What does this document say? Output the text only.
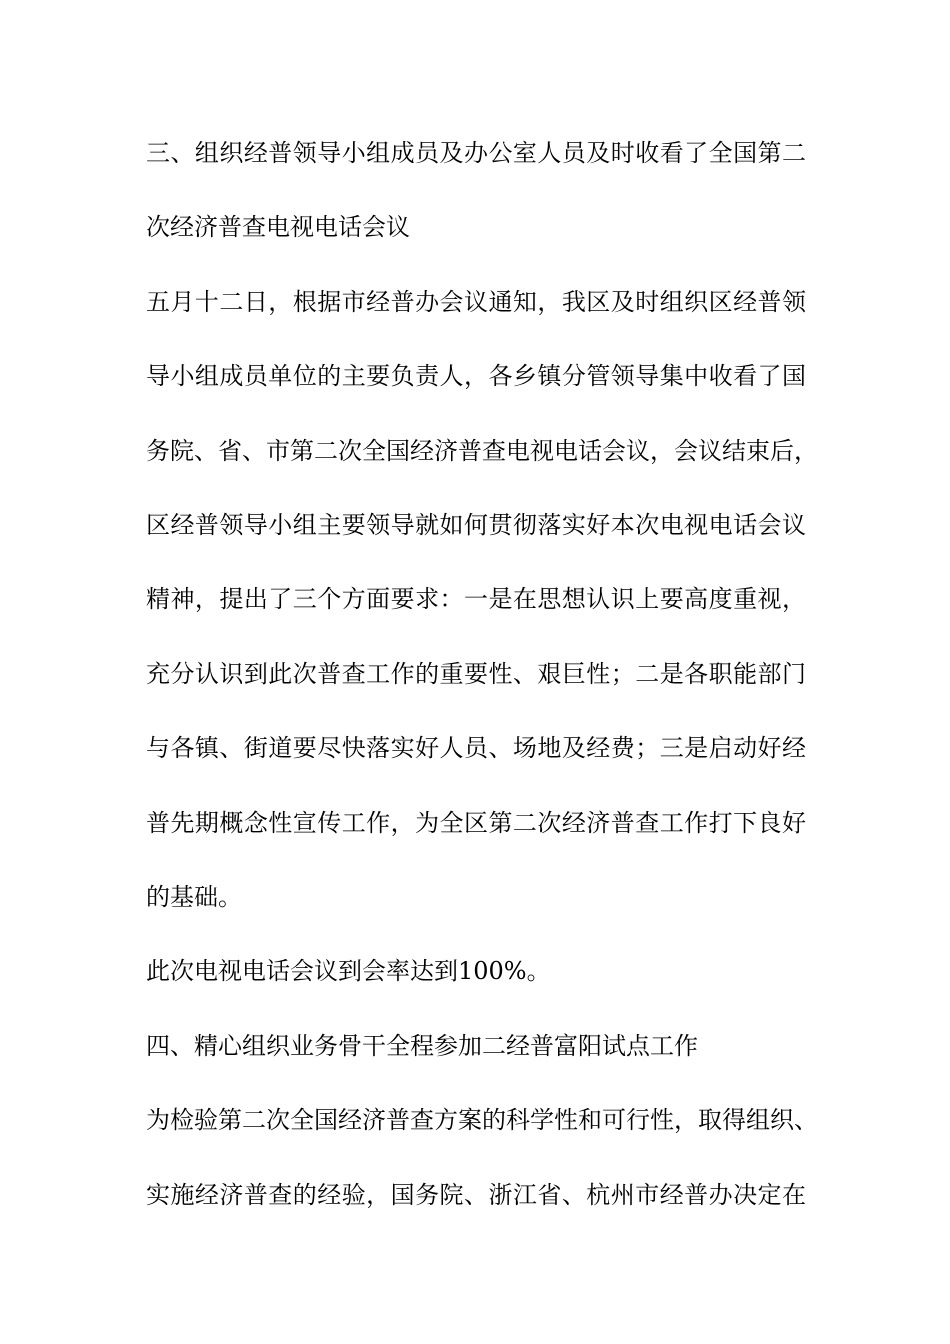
三、组织经普领导小组成员及办公室人员及时收看了全国第二

次经济普查电视电话会议

五月十二日，根据市经普办会议通知，我区及时组织区经普领

导小组成员单位的主要负责人，各乡镇分管领导集中收看了国

务院、省、市第二次全国经济普查电视电话会议，会议结束后，

区经普领导小组主要领导就如何贯彻落实好本次电视电话会议

精神，提出了三个方面要求：一是在思想认识上要高度重视，

充分认识到此次普查工作的重要性、艰巨性；二是各职能部门

与各镇、街道要尽快落实好人员、场地及经费；三是启动好经

普先期概念性宣传工作，为全区第二次经济普查工作打下良好

的基础。

此次电视电话会议到会率达到100%。

四、精心组织业务骨干全程参加二经普富阳试点工作

为检验第二次全国经济普查方案的科学性和可行性，取得组织、

实施经济普查的经验，国务院、浙江省、杭州市经普办决定在
